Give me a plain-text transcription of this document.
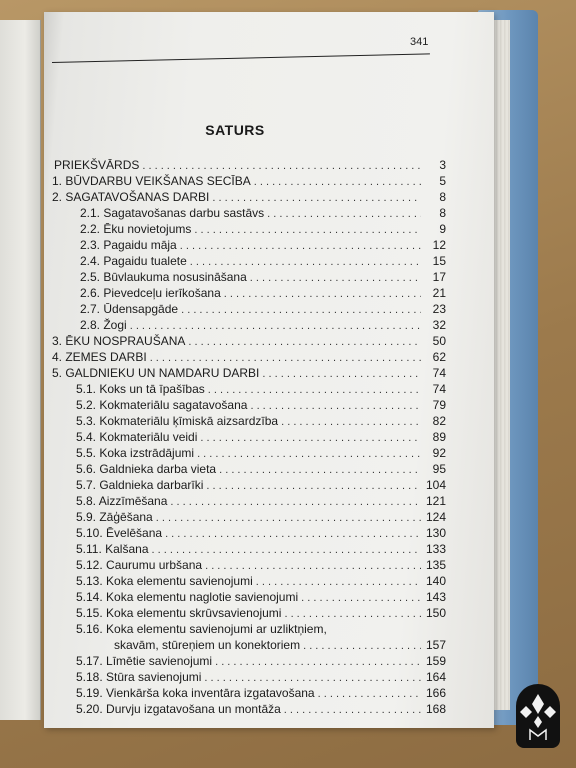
341
SATURS
PRIEKŠVĀRDS . . .	3
1. BŪVDARBU VEIKŠANAS SECĪBA . . .	5
2. SAGATAVOŠANAS DARBI . . .	8
2.1. Sagatavošanas darbu sastāvs . . .	8
2.2. Ēku novietojums . . .	9
2.3. Pagaidu māja . . .	12
2.4. Pagaidu tualete . . .	15
2.5. Būvlaukuma nosusināšana . . .	17
2.6. Pievedceļu ierīkošana . . .	21
2.7. Ūdensapgāde . . .	23
2.8. Žogi . . .	32
3. ĒKU NOSPRAUŠANA . . .	50
4. ZEMES DARBI . . .	62
5. GALDNIEKU UN NAMDARU DARBI . . .	74
5.1. Koks un tā īpašības . . .	74
5.2. Kokmateriālu sagatavošana . . .	79
5.3. Kokmateriālu ķīmiskā aizsardzība . . .	82
5.4. Kokmateriālu veidi . . .	89
5.5. Koka izstrādājumi . . .	92
5.6. Galdnieka darba vieta . . .	95
5.7. Galdnieka darbarīki . . .	104
5.8. Aizzīmēšana . . .	121
5.9. Zāģēšana . . .	124
5.10. Ēvelēšana . . .	130
5.11. Kalšana . . .	133
5.12. Caurumu urbšana . . .	135
5.13. Koka elementu savienojumi . . .	140
5.14. Koka elementu naglotie savienojumi . . .	143
5.15. Koka elementu skrūvsavienojumi . . .	150
5.16. Koka elementu savienojumi ar uzliktņiem,
skavām, stūreņiem un konektoriem . . .	157
5.17. Līmētie savienojumi . . .	159
5.18. Stūra savienojumi . . .	164
5.19. Vienkārša koka inventāra izgatavošana . . .	166
5.20. Durvju izgatavošana un montāža . . .	168
